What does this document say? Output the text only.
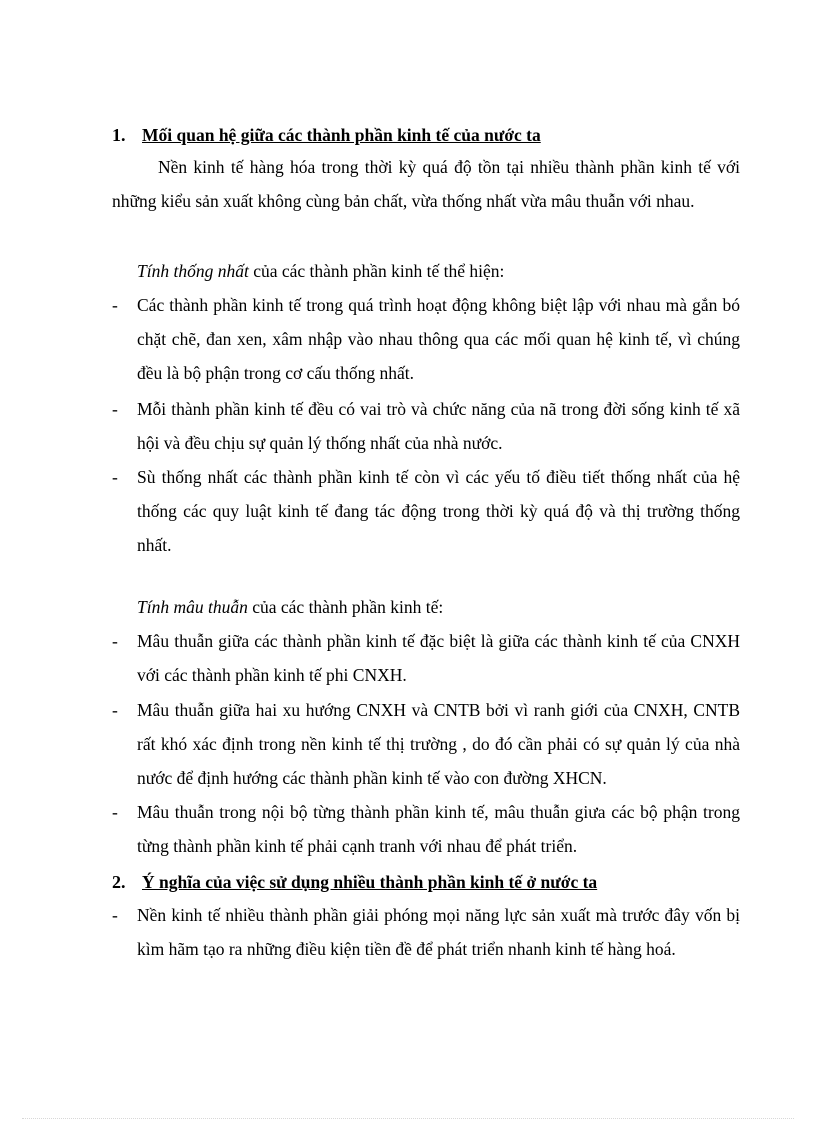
1. Mối quan hệ giữa các thành phần kinh tế của nước ta
Nền kinh tế hàng hóa trong thời kỳ quá độ tồn tại nhiều thành phần kinh tế với những kiểu sản xuất không cùng bản chất, vừa thống nhất vừa mâu thuẫn với nhau.
Tính thống nhất của các thành phần kinh tế thể hiện:
-	Các thành phần kinh tế trong quá trình hoạt động không biệt lập với nhau mà gắn bó chặt chẽ, đan xen, xâm nhập vào nhau thông qua các mối quan hệ kinh tế, vì chúng đều là bộ phận trong cơ cấu thống nhất.
-	Mỗi thành phần kinh tế đều có vai trò và chức năng của nã trong đời sống kinh tế xã hội và đều chịu sự quản lý thống nhất của nhà nước.
-	Sù thống nhất các thành phần kinh tế còn vì các yếu tố điều tiết thống nhất của hệ thống các quy luật kinh tế đang tác động trong thời kỳ quá độ và thị trường thống nhất.
Tính mâu thuẫn của các thành phần kinh tế:
-	Mâu thuẫn giữa các thành phần kinh tế đặc biệt là giữa các thành kinh tế của CNXH với các thành phần kinh tế phi CNXH.
-	Mâu thuẫn giữa hai xu hướng CNXH và CNTB bởi vì ranh giới của CNXH, CNTB rất khó xác định trong nền kinh tế thị trường , do đó cần phải có sự quản lý của nhà nước để định hướng các thành phần kinh tế vào con đường XHCN.
-	Mâu thuẫn trong nội bộ từng thành phần kinh tế, mâu thuẫn giưa các bộ phận trong từng thành phần kinh tế phải cạnh tranh với nhau để phát triển.
2. Ý nghĩa của việc sử dụng nhiều thành phần kinh tế ở nước ta
-	Nền kinh tế nhiều thành phần giải phóng mọi năng lực sản xuất mà trước đây vốn bị kìm hãm tạo ra những điều kiện tiền đề để phát triển nhanh kinh tế hàng hoá.
